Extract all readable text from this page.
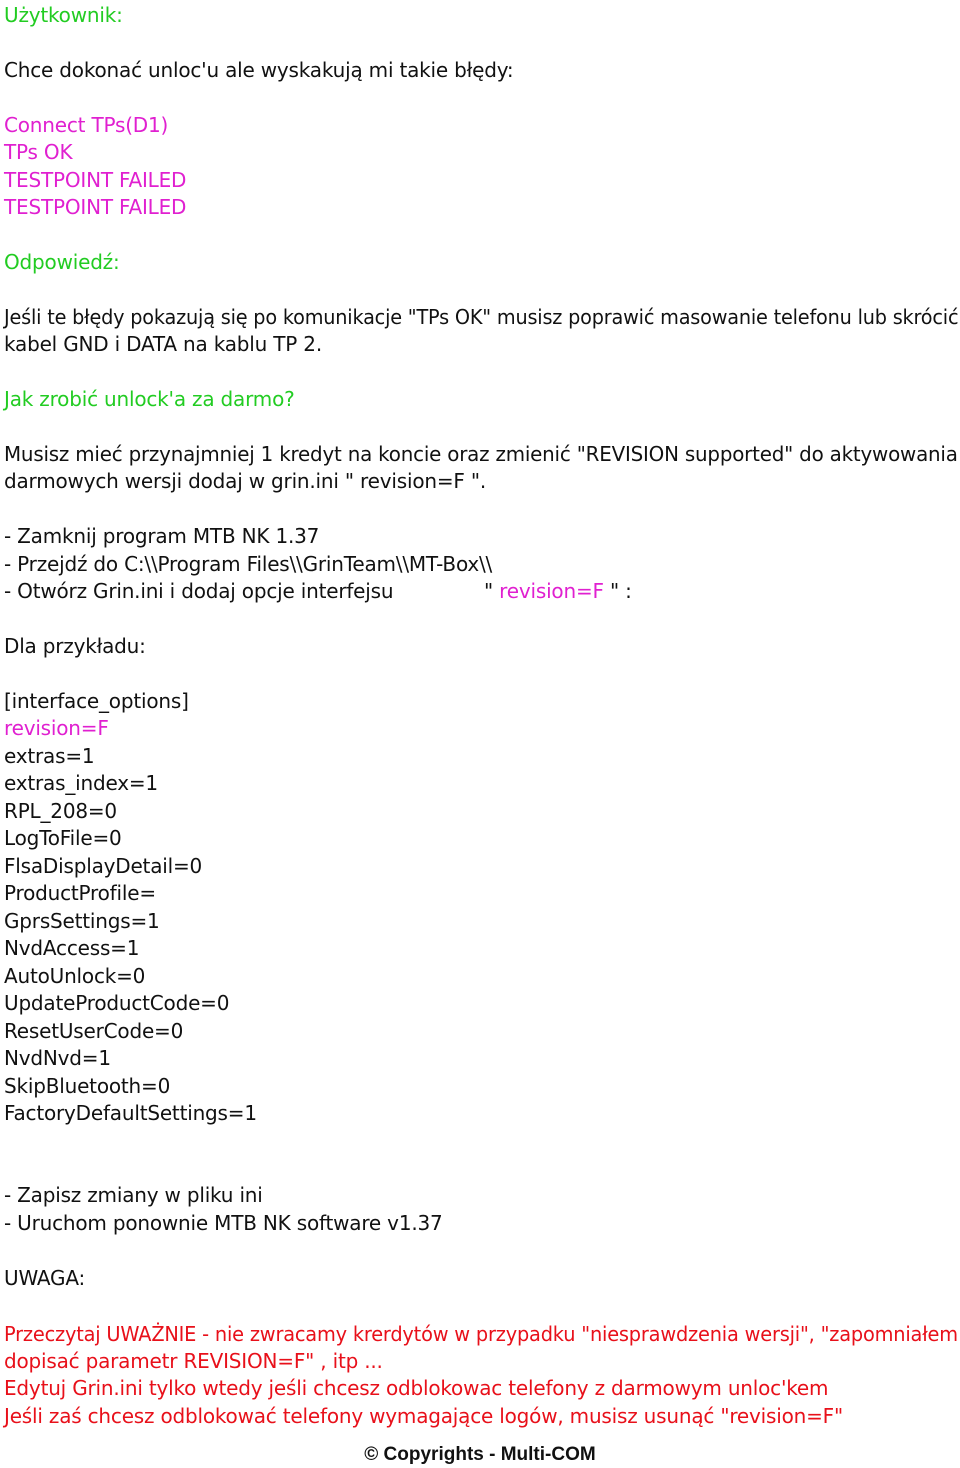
Użytkownik:
Chce dokonać unloc'u ale wyskakują mi takie błędy:
Connect TPs(D1)
TPs OK
TESTPOINT FAILED
TESTPOINT FAILED
Odpowiedź:
Jeśli te błędy pokazują się po komunikacje "TPs OK" musisz poprawić masowanie telefonu lub skrócić
kabel GND i DATA na kablu TP 2.
Jak zrobić unlock'a za darmo?
Musisz mieć przynajmniej 1 kredyt na koncie oraz zmienić "REVISION supported" do aktywowania
darmowych wersji dodaj w grin.ini " revision=F ".
- Zamknij program MTB NK 1.37
- Przejdź do C:\\Program Files\\GrinTeam\\MT-Box\\
- Otwórz Grin.ini i dodaj opcje interfejsu	" revision=F " :
Dla przykładu:
[interface_options]
revision=F
extras=1
extras_index=1
RPL_208=0
LogToFile=0
FlsaDisplayDetail=0
ProductProfile=
GprsSettings=1
NvdAccess=1
AutoUnlock=0
UpdateProductCode=0
ResetUserCode=0
NvdNvd=1
SkipBluetooth=0
FactoryDefaultSettings=1
- Zapisz zmiany w pliku ini
- Uruchom ponownie MTB NK software v1.37
UWAGA:
Przeczytaj UWAŻNIE - nie zwracamy krerdytów w przypadku "niesprawdzenia wersji", "zapomniałem
dopisać parametr REVISION=F" , itp ...
Edytuj Grin.ini tylko wtedy jeśli chcesz odblokowac telefony z darmowym unloc'kem
Jeśli zaś chcesz odblokować telefony wymagające logów, musisz usunąć "revision=F"
© Copyrights - Multi-COM
